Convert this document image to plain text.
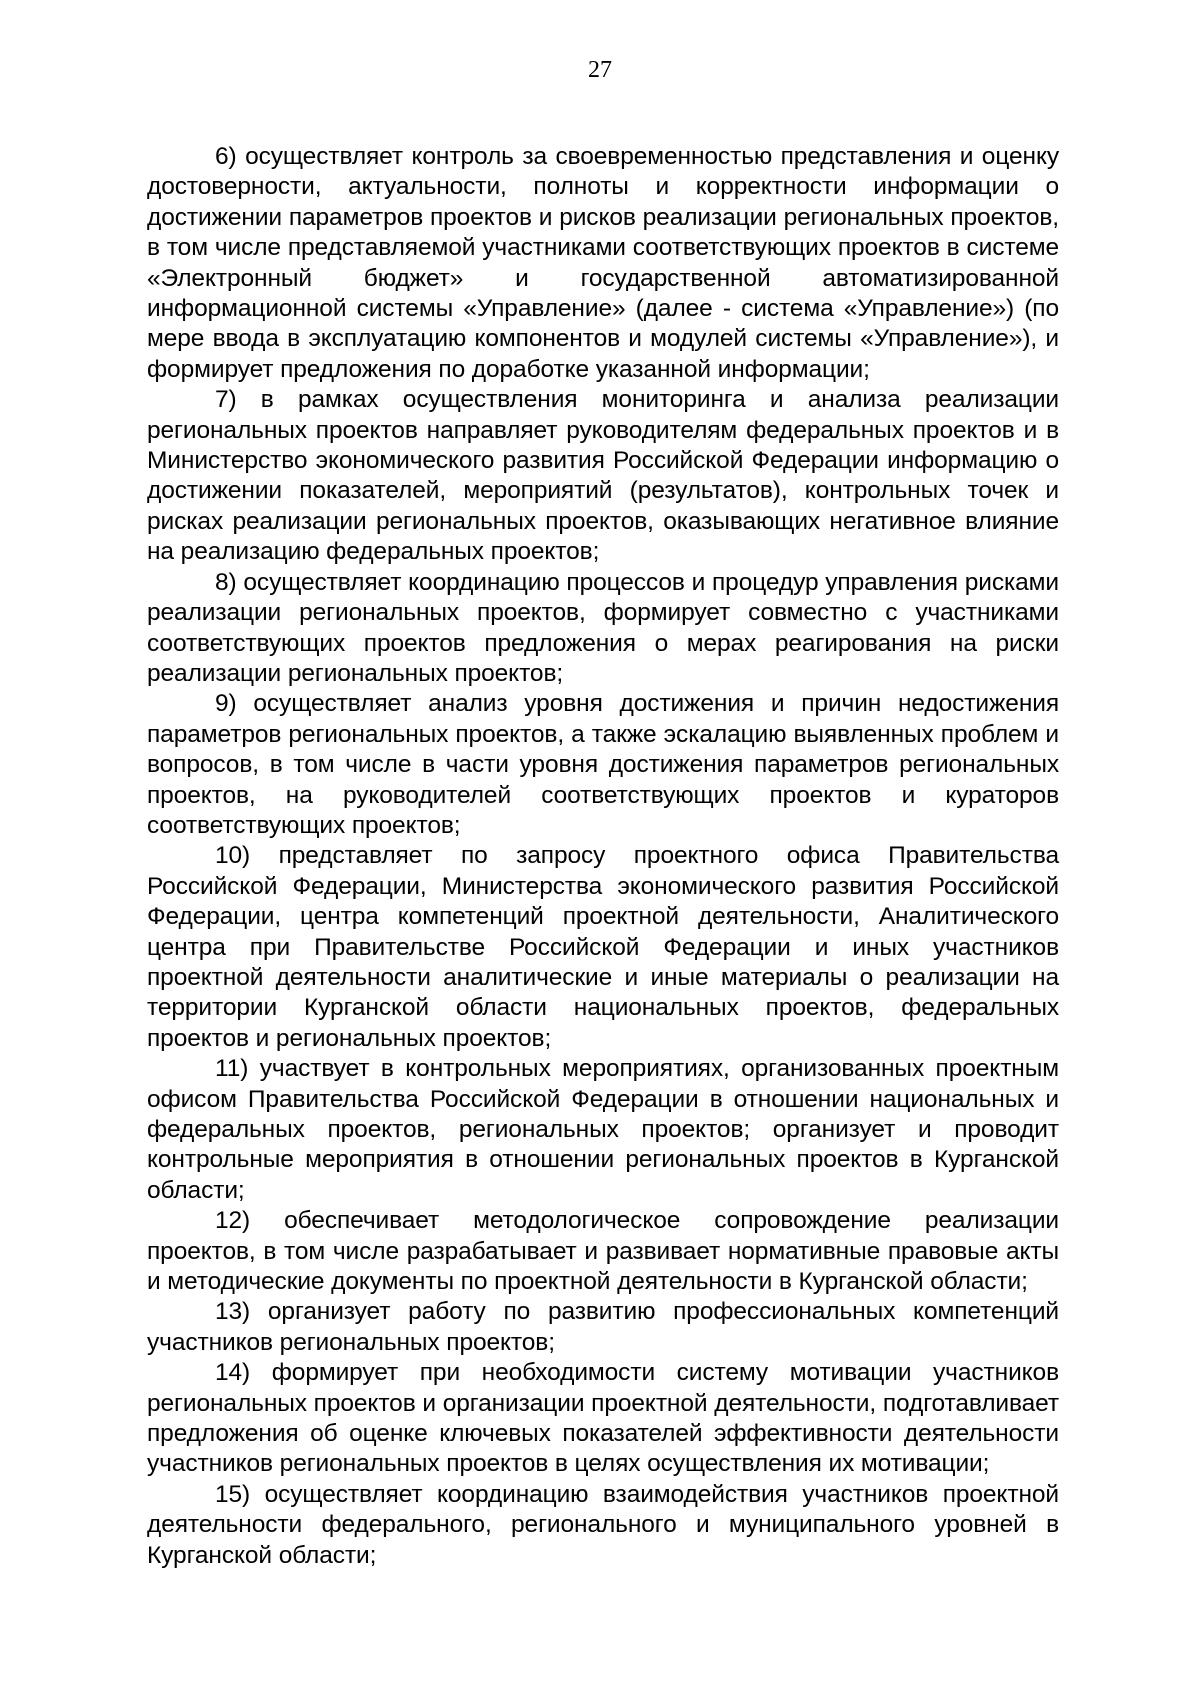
27

6) осуществляет контроль за своевременностью представления и оценку достоверности, актуальности, полноты и корректности информации о достижении параметров проектов и рисков реализации региональных проектов, в том числе представляемой участниками соответствующих проектов в системе «Электронный бюджет» и государственной автоматизированной информационной системы «Управление» (далее - система «Управление») (по мере ввода в эксплуатацию компонентов и модулей системы «Управление»), и формирует предложения по доработке указанной информации;

7) в рамках осуществления мониторинга и анализа реализации региональных проектов направляет руководителям федеральных проектов и в Министерство экономического развития Российской Федерации информацию о достижении показателей, мероприятий (результатов), контрольных точек и рисках реализации региональных проектов, оказывающих негативное влияние на реализацию федеральных проектов;

8) осуществляет координацию процессов и процедур управления рисками реализации региональных проектов, формирует совместно с участниками соответствующих проектов предложения о мерах реагирования на риски реализации региональных проектов;

9) осуществляет анализ уровня достижения и причин недостижения параметров региональных проектов, а также эскалацию выявленных проблем и вопросов, в том числе в части уровня достижения параметров региональных проектов, на руководителей соответствующих проектов и кураторов соответствующих проектов;

10) представляет по запросу проектного офиса Правительства Российской Федерации, Министерства экономического развития Российской Федерации, центра компетенций проектной деятельности, Аналитического центра при Правительстве Российской Федерации и иных участников проектной деятельности аналитические и иные материалы о реализации на территории Курганской области национальных проектов, федеральных проектов и региональных проектов;

11) участвует в контрольных мероприятиях, организованных проектным офисом Правительства Российской Федерации в отношении национальных и федеральных проектов, региональных проектов; организует и проводит контрольные мероприятия в отношении региональных проектов в Курганской области;

12) обеспечивает методологическое сопровождение реализации проектов, в том числе разрабатывает и развивает нормативные правовые акты и методические документы по проектной деятельности в Курганской области;

13) организует работу по развитию профессиональных компетенций участников региональных проектов;

14) формирует при необходимости систему мотивации участников региональных проектов и организации проектной деятельности, подготавливает предложения об оценке ключевых показателей эффективности деятельности участников региональных проектов в целях осуществления их мотивации;

15) осуществляет координацию взаимодействия участников проектной деятельности федерального, регионального и муниципального уровней в Курганской области;
